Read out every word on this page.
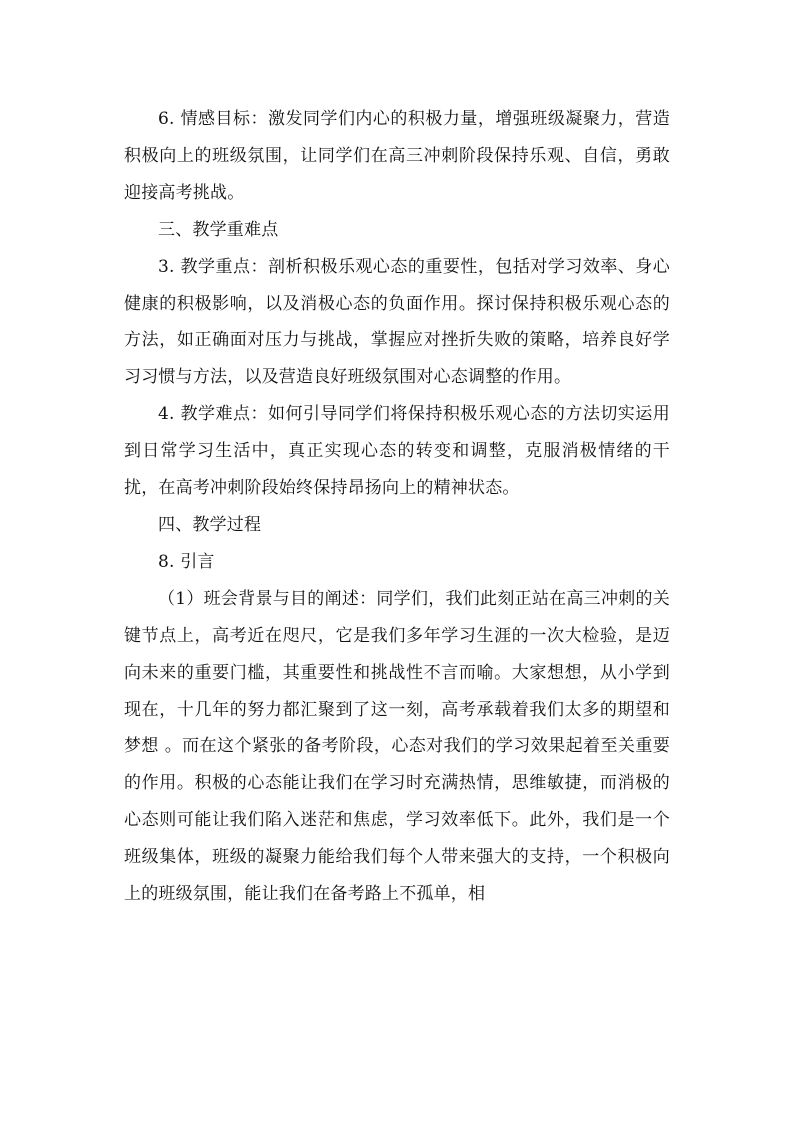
6. 情感目标：激发同学们内心的积极力量，增强班级凝聚力，营造积极向上的班级氛围，让同学们在高三冲刺阶段保持乐观、自信，勇敢迎接高考挑战。

三、教学重难点

3. 教学重点：剖析积极乐观心态的重要性，包括对学习效率、身心健康的积极影响，以及消极心态的负面作用。探讨保持积极乐观心态的方法，如正确面对压力与挑战，掌握应对挫折失败的策略，培养良好学习习惯与方法，以及营造良好班级氛围对心态调整的作用。

4. 教学难点：如何引导同学们将保持积极乐观心态的方法切实运用到日常学习生活中，真正实现心态的转变和调整，克服消极情绪的干扰，在高考冲刺阶段始终保持昂扬向上的精神状态。

四、教学过程

8. 引言

（1）班会背景与目的阐述：同学们，我们此刻正站在高三冲刺的关键节点上，高考近在咫尺，它是我们多年学习生涯的一次大检验，是迈向未来的重要门槛，其重要性和挑战性不言而喻。大家想想，从小学到现在，十几年的努力都汇聚到了这一刻，高考承载着我们太多的期望和梦想 。而在这个紧张的备考阶段，心态对我们的学习效果起着至关重要的作用。积极的心态能让我们在学习时充满热情，思维敏捷，而消极的心态则可能让我们陷入迷茫和焦虑，学习效率低下。此外，我们是一个班级集体，班级的凝聚力能给我们每个人带来强大的支持，一个积极向上的班级氛围，能让我们在备考路上不孤单，相
